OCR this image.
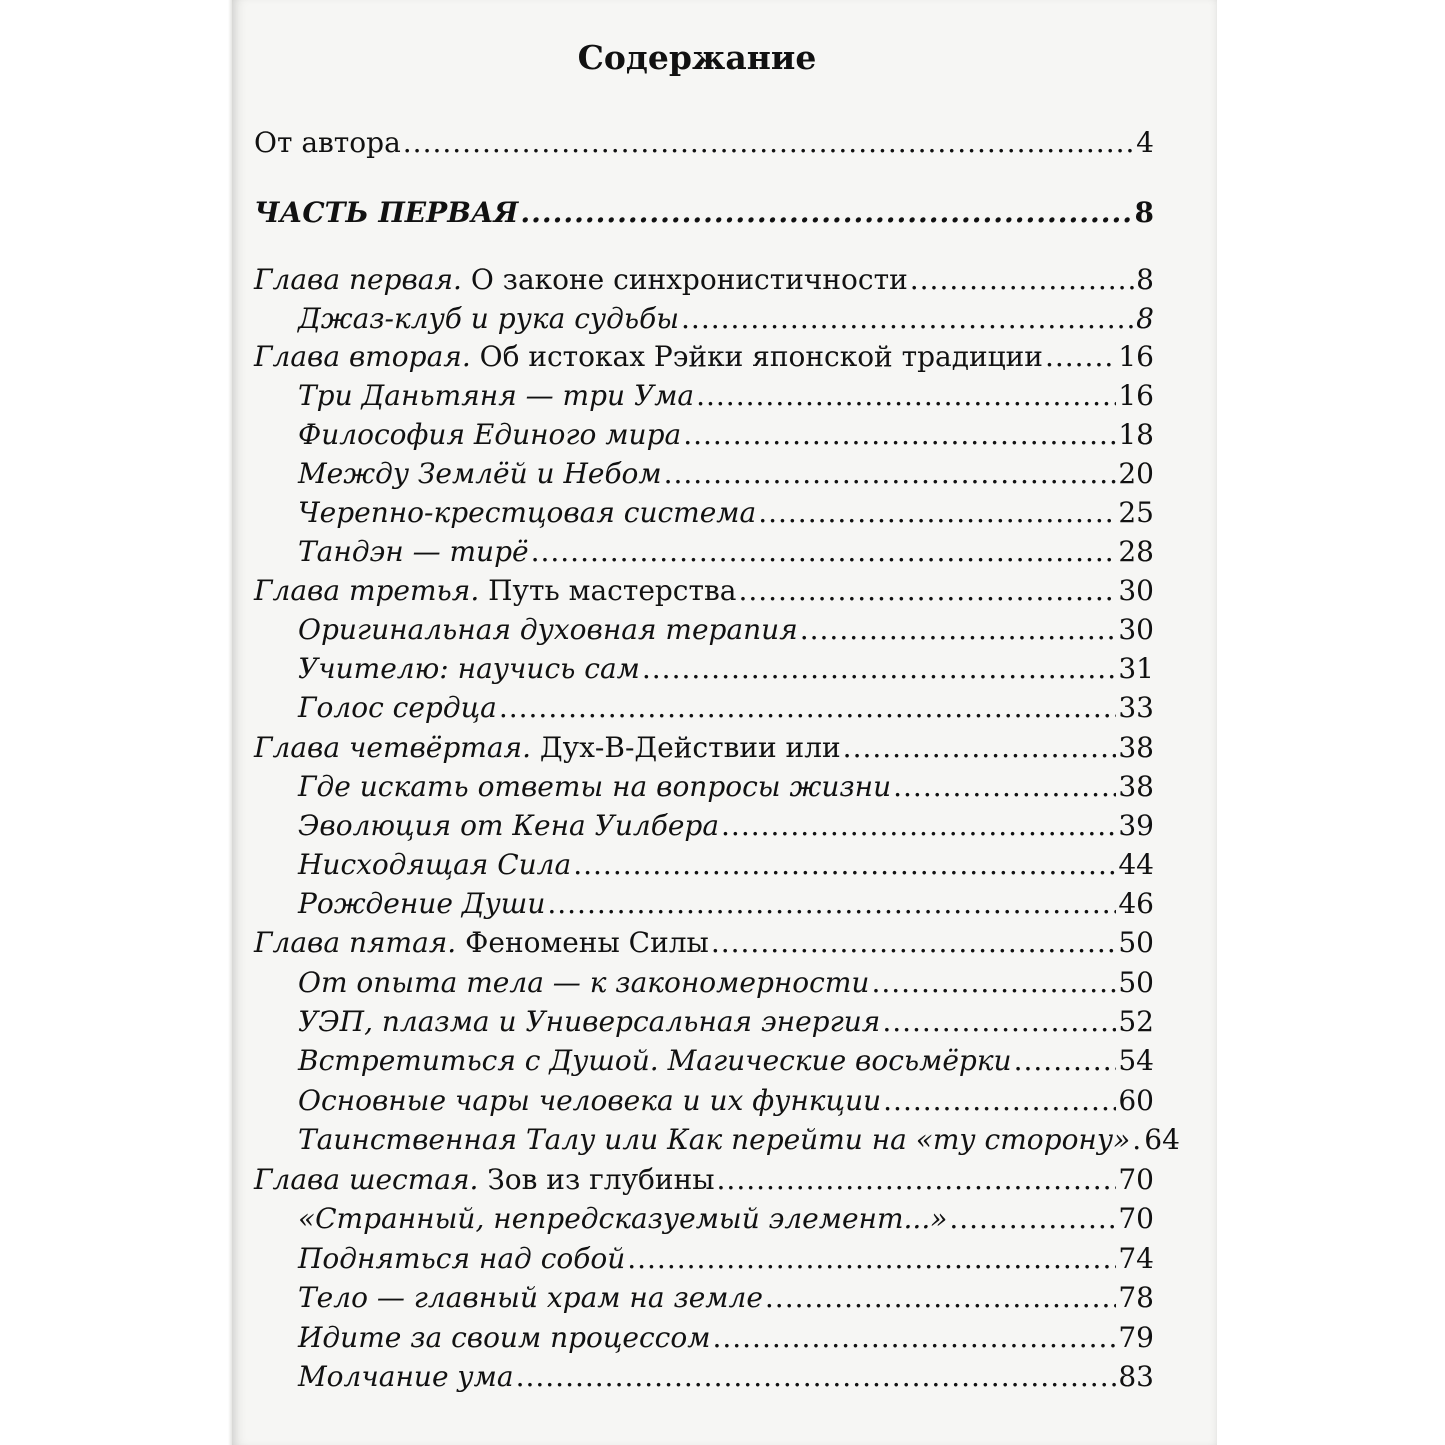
Содержание
От автора .....	4
ЧАСТЬ ПЕРВАЯ .....	8
Глава первая. О законе синхронистичности .....	8
Джаз-клуб и рука судьбы .....	8
Глава вторая. Об истоках Рэйки японской традиции .....	16
Три Даньтяня — три Ума .....	16
Философия Единого мира .....	18
Между Землёй и Небом .....	20
Черепно-крестцовая система .....	25
Тандэн — тирё .....	28
Глава третья. Путь мастерства .....	30
Оригинальная духовная терапия .....	30
Учителю: научись сам .....	31
Голос сердца .....	33
Глава четвёртая. Дух-В-Действии или .....	38
Где искать ответы на вопросы жизни .....	38
Эволюция от Кена Уилбера .....	39
Нисходящая Сила .....	44
Рождение Души .....	46
Глава пятая. Феномены Силы .....	50
От опыта тела — к закономерности .....	50
УЭП, плазма и Универсальная энергия .....	52
Встретиться с Душой. Магические восьмёрки .....	54
Основные чары человека и их функции .....	60
Таинственная Талу или Как перейти на «ту сторону» ..... 64
Глава шестая. Зов из глубины .....	70
«Странный, непредсказуемый элемент...» .....	70
Подняться над собой .....	74
Тело — главный храм на земле .....	78
Идите за своим процессом .....	79
Молчание ума .....	83
